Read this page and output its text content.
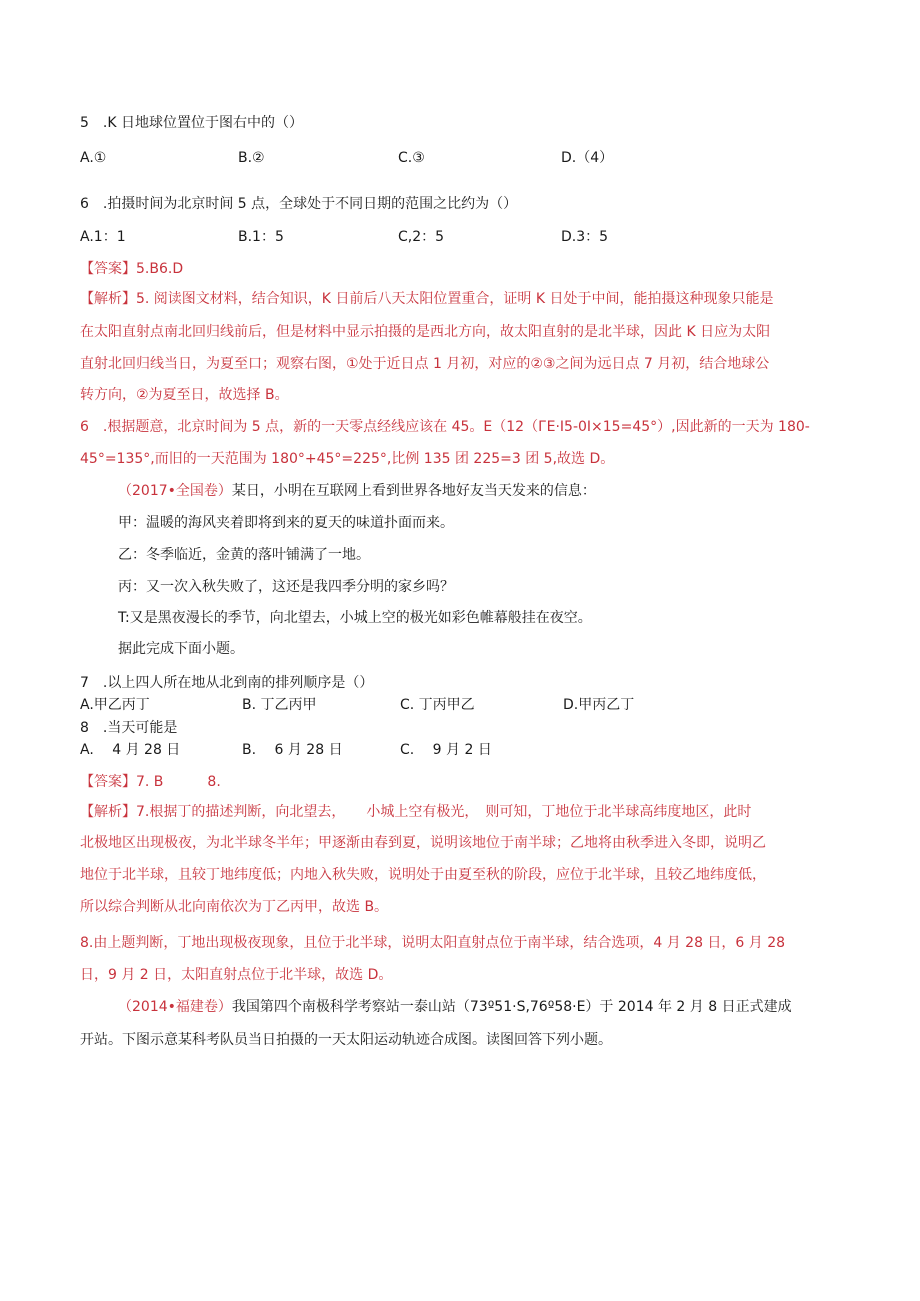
5　.K 日地球位置位于图右中的（）
A.①	B.②	C.③	D.（4）
6　.拍摄时间为北京时间 5 点，全球处于不同日期的范围之比约为（）
A.1：1	B.1：5	C,2：5	D.3：5
【答案】5.B6.D
【解析】5. 阅读图文材料，结合知识，K 日前后八天太阳位置重合，证明 K 日处于中间，能拍摄这种现象只能是
在太阳直射点南北回归线前后，但是材料中显示拍摄的是西北方向，故太阳直射的是北半球，因此 K 日应为太阳
直射北回归线当日，为夏至口；观察右图，①处于近日点 1 月初，对应的②③之间为远日点 7 月初，结合地球公
转方向，②为夏至日，故选择 B。
6　.根据题意，北京时间为 5 点，新的一天零点经线应该在 45。E（12（ГЕ·Ι5-0Ι×15=45°）,因此新的一天为 180-
45°=135°,而旧的一天范围为 180°+45°=225°,比例 135 团 225=3 团 5,故选 D。
（2017•全国卷）某日，小明在互联网上看到世界各地好友当天发来的信息：
甲：温暖的海风夹着即将到来的夏天的味道扑面而来。
乙：冬季临近，金黄的落叶铺满了一地。
丙：又一次入秋失败了，这还是我四季分明的家乡吗？
T:又是黑夜漫长的季节，向北望去，小城上空的极光如彩色帷幕般挂在夜空。
据此完成下面小题。
7　.以上四人所在地从北到南的排列顺序是（）
A.甲乙丙丁	B. 丁乙丙甲	C. 丁丙甲乙	D.甲丙乙丁
8　.当天可能是
A.　 4 月 28 日	B.　 6 月 28 日	C.　 9 月 2 日
【答案】7. B	8.
【解析】7.根据丁的描述判断，向北望去，　　小城上空有极光，　则可知，丁地位于北半球高纬度地区，此时
北极地区出现极夜，为北半球冬半年；甲逐渐由春到夏，说明该地位于南半球；乙地将由秋季进入冬即，说明乙
地位于北半球，且较丁地纬度低；内地入秋失败，说明处于由夏至秋的阶段，应位于北半球，且较乙地纬度低，
所以综合判断从北向南依次为丁乙丙甲，故选 B。
8.由上题判断，丁地出现极夜现象，且位于北半球，说明太阳直射点位于南半球，结合选项，4 月 28 日，6 月 28
日，9 月 2 日，太阳直射点位于北半球，故选 D。
（2014•福建卷）我国第四个南极科学考察站一泰山站（73º51·S,76º58·E）于 2014 年 2 月 8 日正式建成
开站。下图示意某科考队员当日拍摄的一天太阳运动轨迹合成图。读图回答下列小题。
